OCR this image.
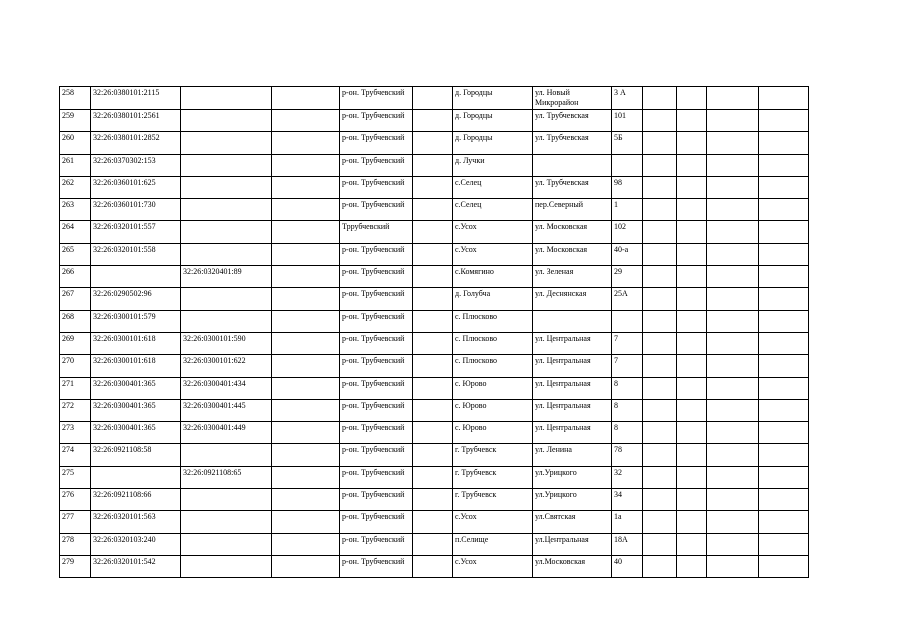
258	32:26:0380101:2115			р-он. Трубчевский		д. Городцы	ул. Новый Микрорайон	3 А				
259	32:26:0380101:2561			р-он. Трубчевский		д. Городцы	ул. Трубчевская	101				
260	32:26:0380101:2852			р-он. Трубчевский		д. Городцы	ул. Трубчевская	5Б				
261	32:26:0370302:153			р-он. Трубчевский		д. Лучки						
262	32:26:0360101:625			р-он. Трубчевский		с.Селец	ул. Трубчевская	98				
263	32:26:0360101:730			р-он. Трубчевский		с.Селец	пер.Северный	1				
264	32:26:0320101:557			Тррубчевский		с.Усох	ул. Московская	102				
265	32:26:0320101:558			р-он. Трубчевский		с.Усох	ул. Московская	40-а				
266		32:26:0320401:89		р-он. Трубчевский		с.Комягино	ул. Зеленая	29				
267	32:26:0290502:96			р-он. Трубчевский		д. Голубча	ул. Деснянская	25А				
268	32:26:0300101:579			р-он. Трубчевский		с. Плюсково						
269	32:26:0300101:618	32:26:0300101:590		р-он. Трубчевский		с. Плюсково	ул. Центральная	7				
270	32:26:0300101:618	32:26:0300101:622		р-он. Трубчевский		с. Плюсково	ул. Центральная	7				
271	32:26:0300401:365	32:26:0300401:434		р-он. Трубчевский		с. Юрово	ул. Центральная	8				
272	32:26:0300401:365	32:26:0300401:445		р-он. Трубчевский		с. Юрово	ул. Центральная	8				
273	32:26:0300401:365	32:26:0300401:449		р-он. Трубчевский		с. Юрово	ул. Центральная	8				
274	32:26:0921108:58			р-он. Трубчевский		г. Трубчевск	ул. Ленина	78				
275		32:26:0921108:65		р-он. Трубчевский		г. Трубчевск	ул.Урицкого	32				
276	32:26:0921108:66			р-он. Трубчевский		г. Трубчевск	ул.Урицкого	34				
277	32:26:0320101:563			р-он. Трубчевский		с.Усох	ул.Святская	1а				
278	32:26:0320103:240			р-он. Трубчевский		п.Селище	ул.Центральная	18А				
279	32:26:0320101:542			р-он. Трубчевский		с.Усох	ул.Московская	40				
